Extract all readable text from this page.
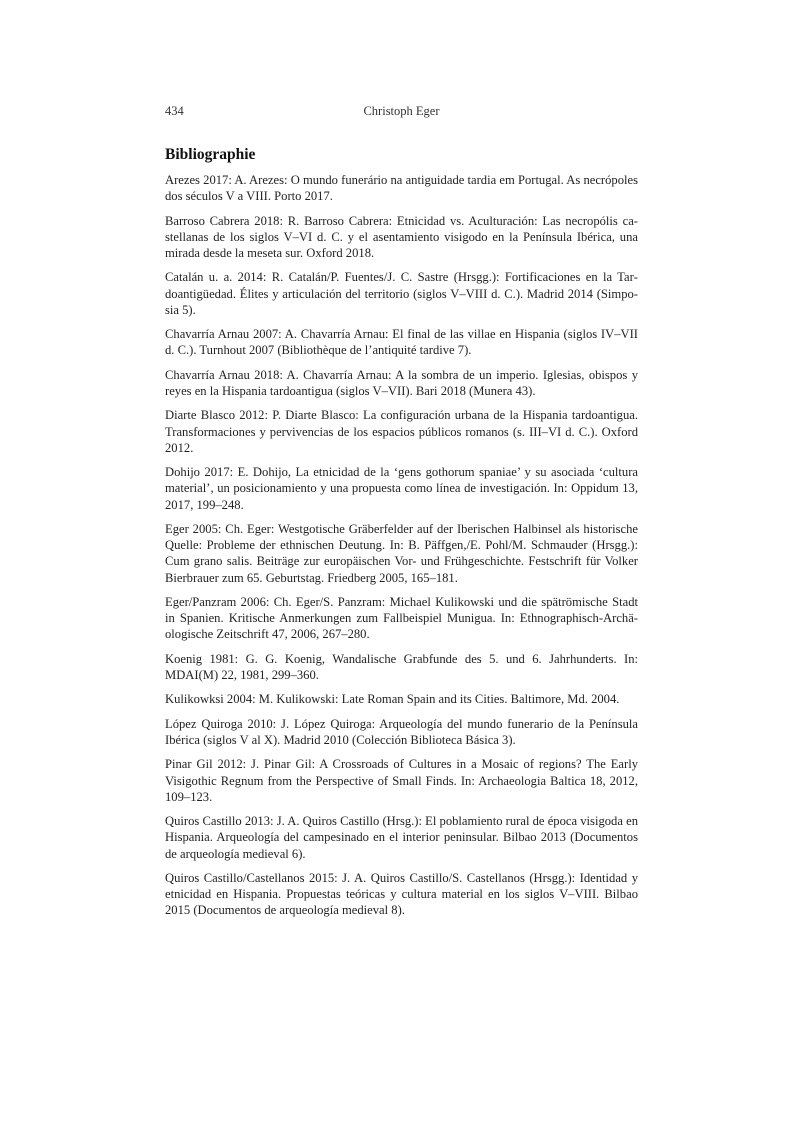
434	Christoph Eger
Bibliographie
Arezes 2017: A. Arezes: O mundo funerário na antiguidade tardia em Portugal. As necrópoles dos séculos V a VIII. Porto 2017.
Barroso Cabrera 2018: R. Barroso Cabrera: Etnicidad vs. Aculturación: Las necropólis castellanas de los siglos V–VI d. C. y el asentamiento visigodo en la Península Ibérica, una mirada desde la meseta sur. Oxford 2018.
Catalán u. a. 2014: R. Catalán/P. Fuentes/J. C. Sastre (Hrsgg.): Fortificaciones en la Tardoantigüedad. Élites y articulación del territorio (siglos V–VIII d. C.). Madrid 2014 (Simposia 5).
Chavarría Arnau 2007: A. Chavarría Arnau: El final de las villae en Hispania (siglos IV–VII d. C.). Turnhout 2007 (Bibliothèque de l’antiquité tardive 7).
Chavarría Arnau 2018: A. Chavarría Arnau: A la sombra de un imperio. Iglesias, obispos y reyes en la Hispania tardoantigua (siglos V–VII). Bari 2018 (Munera 43).
Diarte Blasco 2012: P. Diarte Blasco: La configuración urbana de la Hispania tardoantigua. Transformaciones y pervivencias de los espacios públicos romanos (s. III–VI d. C.). Oxford 2012.
Dohijo 2017: E. Dohijo, La etnicidad de la ‘gens gothorum spaniae’ y su asociada ‘cultura material’, un posicionamiento y una propuesta como línea de investigación. In: Oppidum 13, 2017, 199–248.
Eger 2005: Ch. Eger: Westgotische Gräberfelder auf der Iberischen Halbinsel als historische Quelle: Probleme der ethnischen Deutung. In: B. Päffgen,/E. Pohl/M. Schmauder (Hrsgg.): Cum grano salis. Beiträge zur europäischen Vor- und Frühgeschichte. Festschrift für Volker Bierbrauer zum 65. Geburtstag. Friedberg 2005, 165–181.
Eger/Panzram 2006: Ch. Eger/S. Panzram: Michael Kulikowski und die spätrömische Stadt in Spanien. Kritische Anmerkungen zum Fallbeispiel Munigua. In: Ethnographisch-Archäologische Zeitschrift 47, 2006, 267–280.
Koenig 1981: G. G. Koenig, Wandalische Grabfunde des 5. und 6. Jahrhunderts. In: MDAI(M) 22, 1981, 299–360.
Kulikowksi 2004: M. Kulikowski: Late Roman Spain and its Cities. Baltimore, Md. 2004.
López Quiroga 2010: J. López Quiroga: Arqueología del mundo funerario de la Península Ibérica (siglos V al X). Madrid 2010 (Colección Biblioteca Básica 3).
Pinar Gil 2012: J. Pinar Gil: A Crossroads of Cultures in a Mosaic of regions? The Early Visigothic Regnum from the Perspective of Small Finds. In: Archaeologia Baltica 18, 2012, 109–123.
Quiros Castillo 2013: J. A. Quiros Castillo (Hrsg.): El poblamiento rural de época visigoda en Hispania. Arqueología del campesinado en el interior peninsular. Bilbao 2013 (Documentos de arqueología medieval 6).
Quiros Castillo/Castellanos 2015: J. A. Quiros Castillo/S. Castellanos (Hrsgg.): Identidad y etnicidad en Hispania. Propuestas teóricas y cultura material en los siglos V–VIII. Bilbao 2015 (Documentos de arqueología medieval 8).
